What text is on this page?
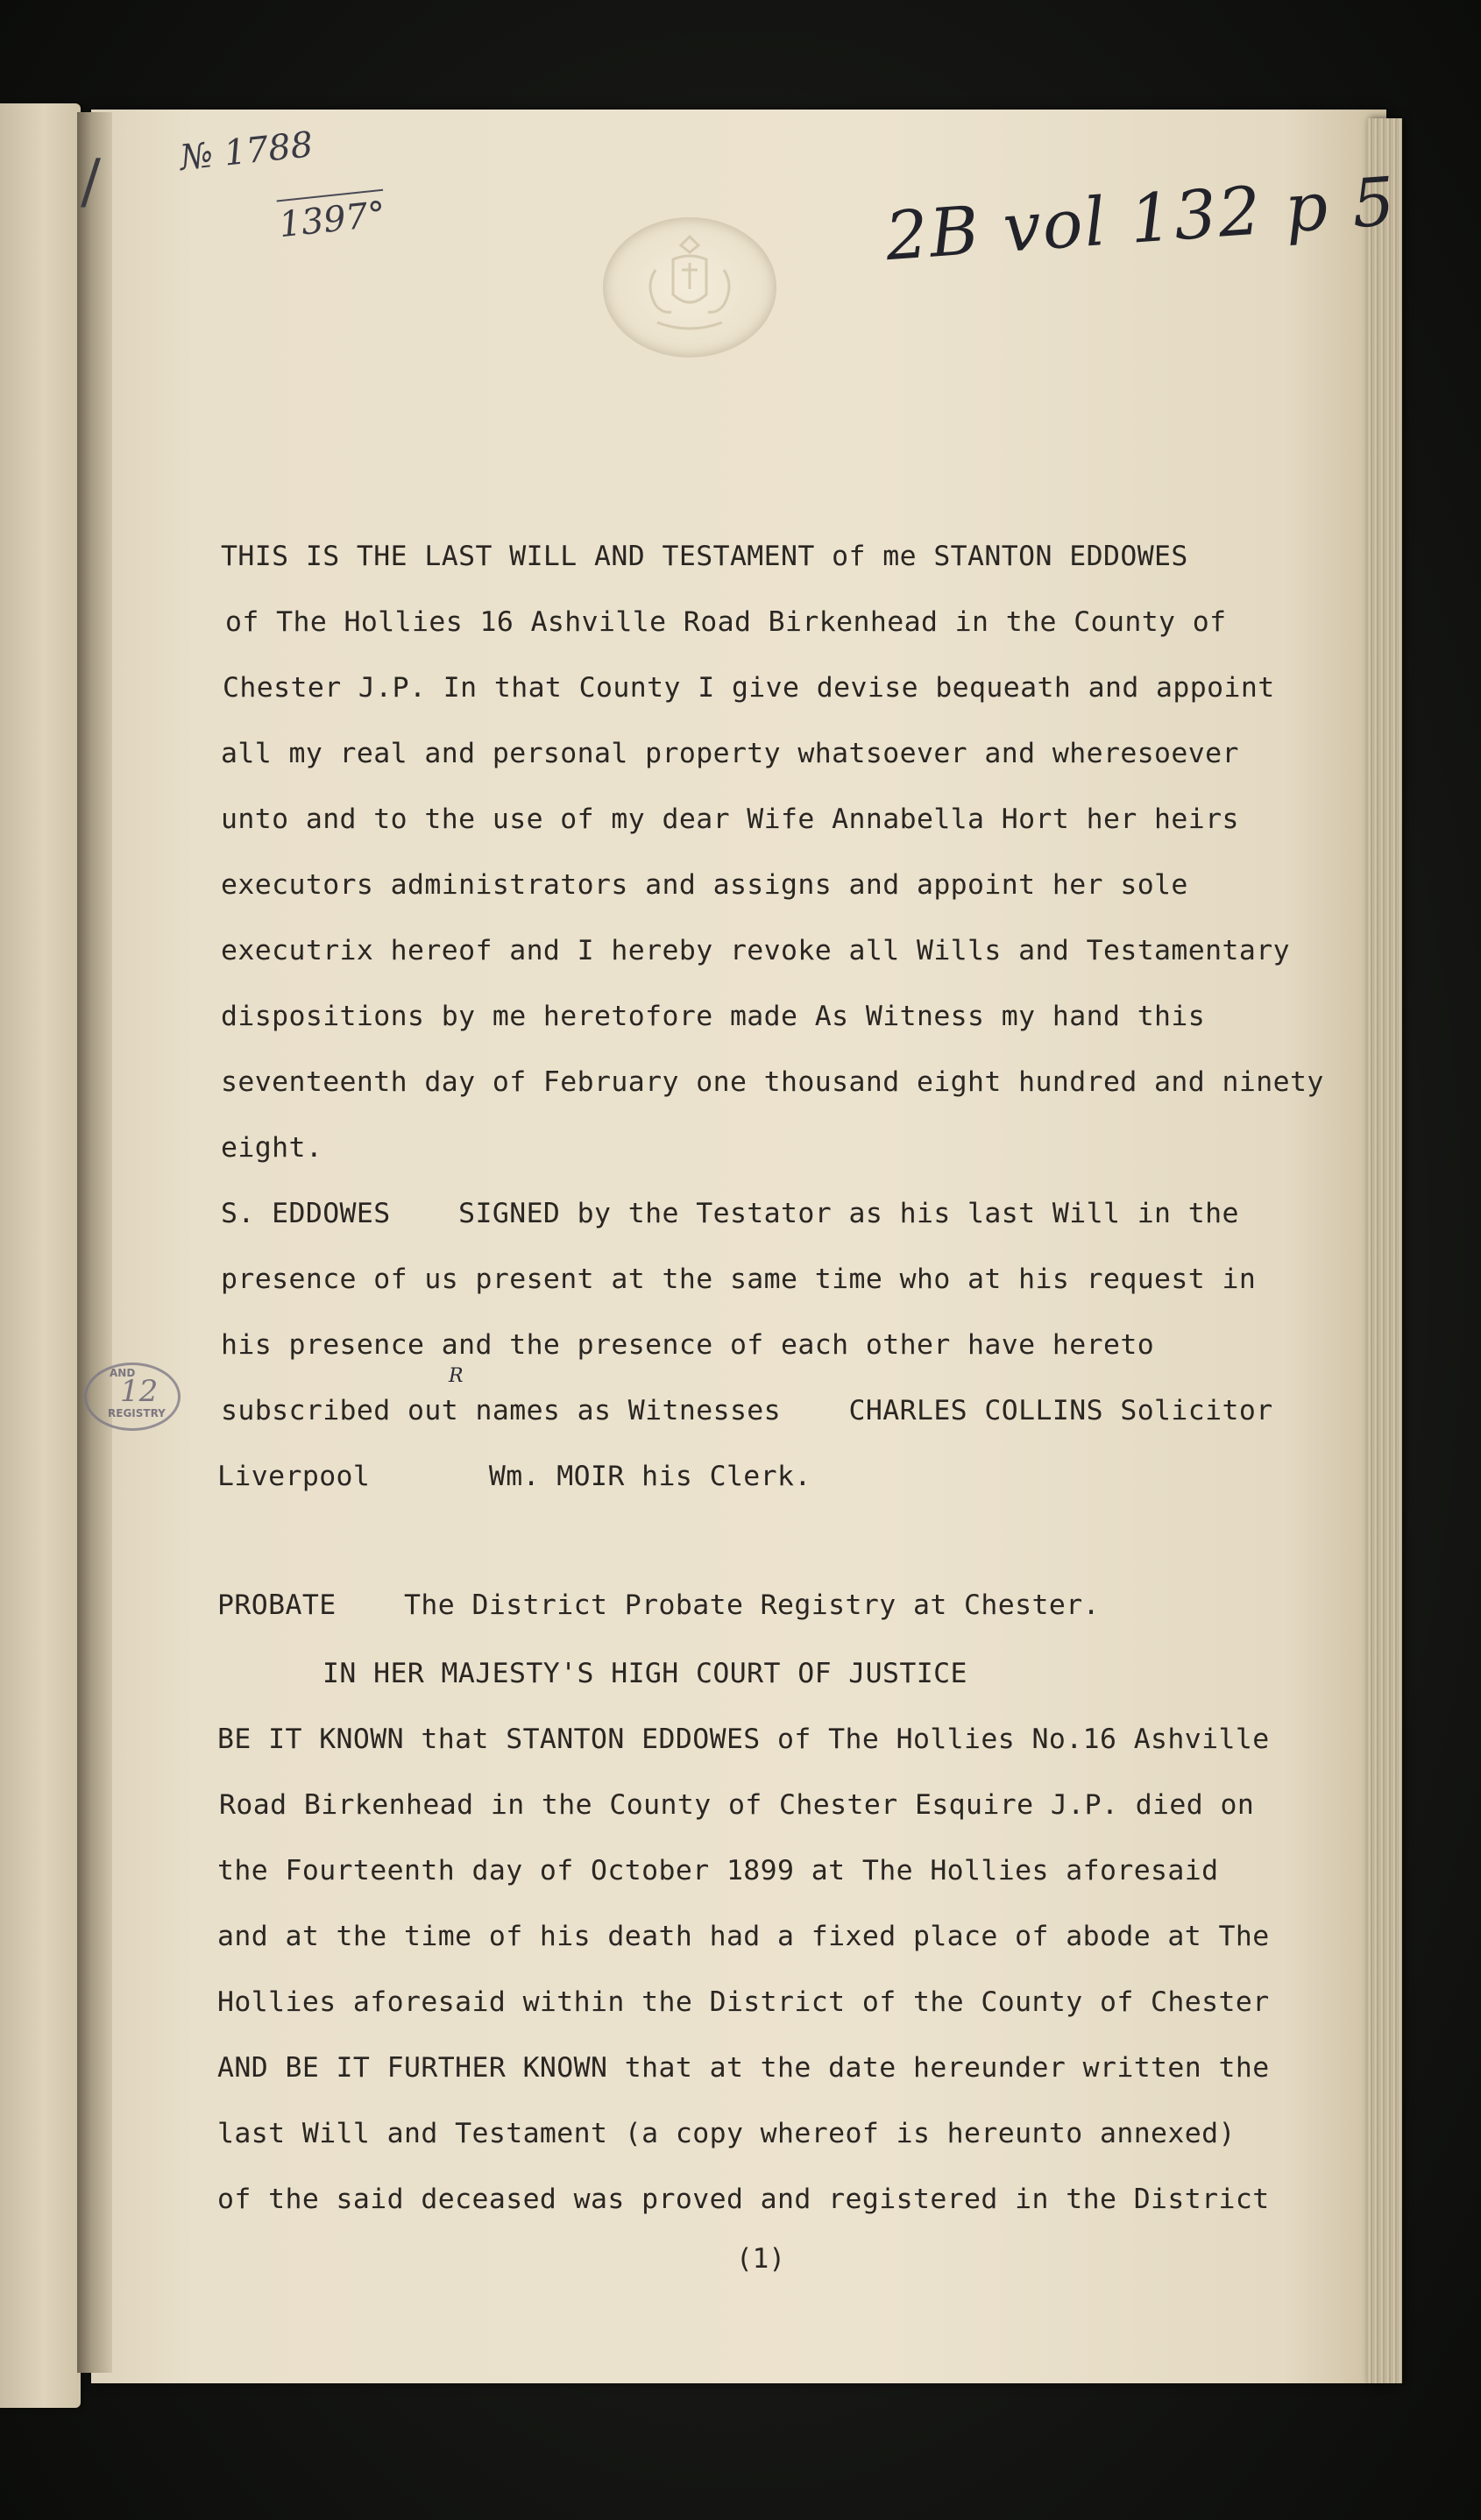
/ № 1788
1397°	2B vol 132 p 5
AND
12
REGISTRY
THIS IS THE LAST WILL AND TESTAMENT of me STANTON EDDOWES
of The Hollies 16 Ashville Road Birkenhead in the County of
Chester J.P. In that County I give devise bequeath and appoint
all my real and personal property whatsoever and wheresoever
unto and to the use of my dear Wife Annabella Hort her heirs
executors administrators and assigns and appoint her sole
executrix hereof and I hereby revoke all Wills and Testamentary
dispositions by me heretofore made As Witness my hand this
seventeenth day of February one thousand eight hundred and ninety
eight.
S. EDDOWES    SIGNED by the Testator as his last Will in the
presence of us present at the same time who at his request in
his presence and the presence of each other have hereto
R
subscribed out names as Witnesses    CHARLES COLLINS Solicitor
Liverpool       Wm. MOIR his Clerk.
PROBATE    The District Probate Registry at Chester.
IN HER MAJESTY'S HIGH COURT OF JUSTICE
BE IT KNOWN that STANTON EDDOWES of The Hollies No.16 Ashville
Road Birkenhead in the County of Chester Esquire J.P. died on
the Fourteenth day of October 1899 at The Hollies aforesaid
and at the time of his death had a fixed place of abode at The
Hollies aforesaid within the District of the County of Chester
AND BE IT FURTHER KNOWN that at the date hereunder written the
last Will and Testament (a copy whereof is hereunto annexed)
of the said deceased was proved and registered in the District
(1)
